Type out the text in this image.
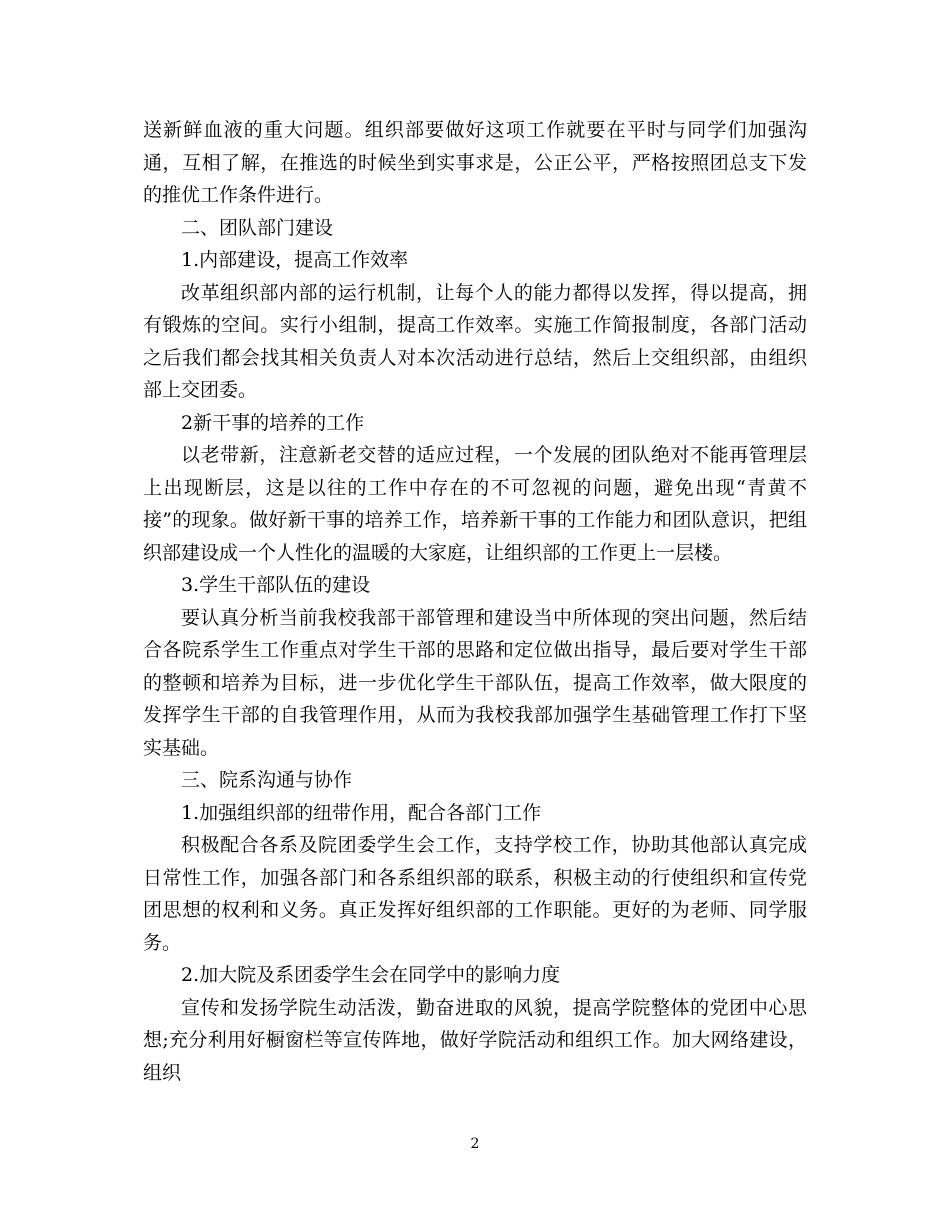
送新鲜血液的重大问题。组织部要做好这项工作就要在平时与同学们加强沟通，互相了解，在推选的时候坐到实事求是，公正公平，严格按照团总支下发的推优工作条件进行。

二、团队部门建设

1.内部建设，提高工作效率

改革组织部内部的运行机制，让每个人的能力都得以发挥，得以提高，拥有锻炼的空间。实行小组制，提高工作效率。实施工作简报制度，各部门活动之后我们都会找其相关负责人对本次活动进行总结，然后上交组织部，由组织部上交团委。

2新干事的培养的工作

以老带新，注意新老交替的适应过程，一个发展的团队绝对不能再管理层上出现断层，这是以往的工作中存在的不可忽视的问题，避免出现“青黄不接”的现象。做好新干事的培养工作，培养新干事的工作能力和团队意识，把组织部建设成一个人性化的温暖的大家庭，让组织部的工作更上一层楼。

3.学生干部队伍的建设

要认真分析当前我校我部干部管理和建设当中所体现的突出问题，然后结合各院系学生工作重点对学生干部的思路和定位做出指导，最后要对学生干部的整顿和培养为目标，进一步优化学生干部队伍，提高工作效率，做大限度的发挥学生干部的自我管理作用，从而为我校我部加强学生基础管理工作打下坚实基础。

三、院系沟通与协作

1.加强组织部的纽带作用，配合各部门工作

积极配合各系及院团委学生会工作，支持学校工作，协助其他部认真完成日常性工作，加强各部门和各系组织部的联系，积极主动的行使组织和宣传党团思想的权利和义务。真正发挥好组织部的工作职能。更好的为老师、同学服务。

2.加大院及系团委学生会在同学中的影响力度

宣传和发扬学院生动活泼，勤奋进取的风貌，提高学院整体的党团中心思想;充分利用好橱窗栏等宣传阵地，做好学院活动和组织工作。加大网络建设，组织

2
